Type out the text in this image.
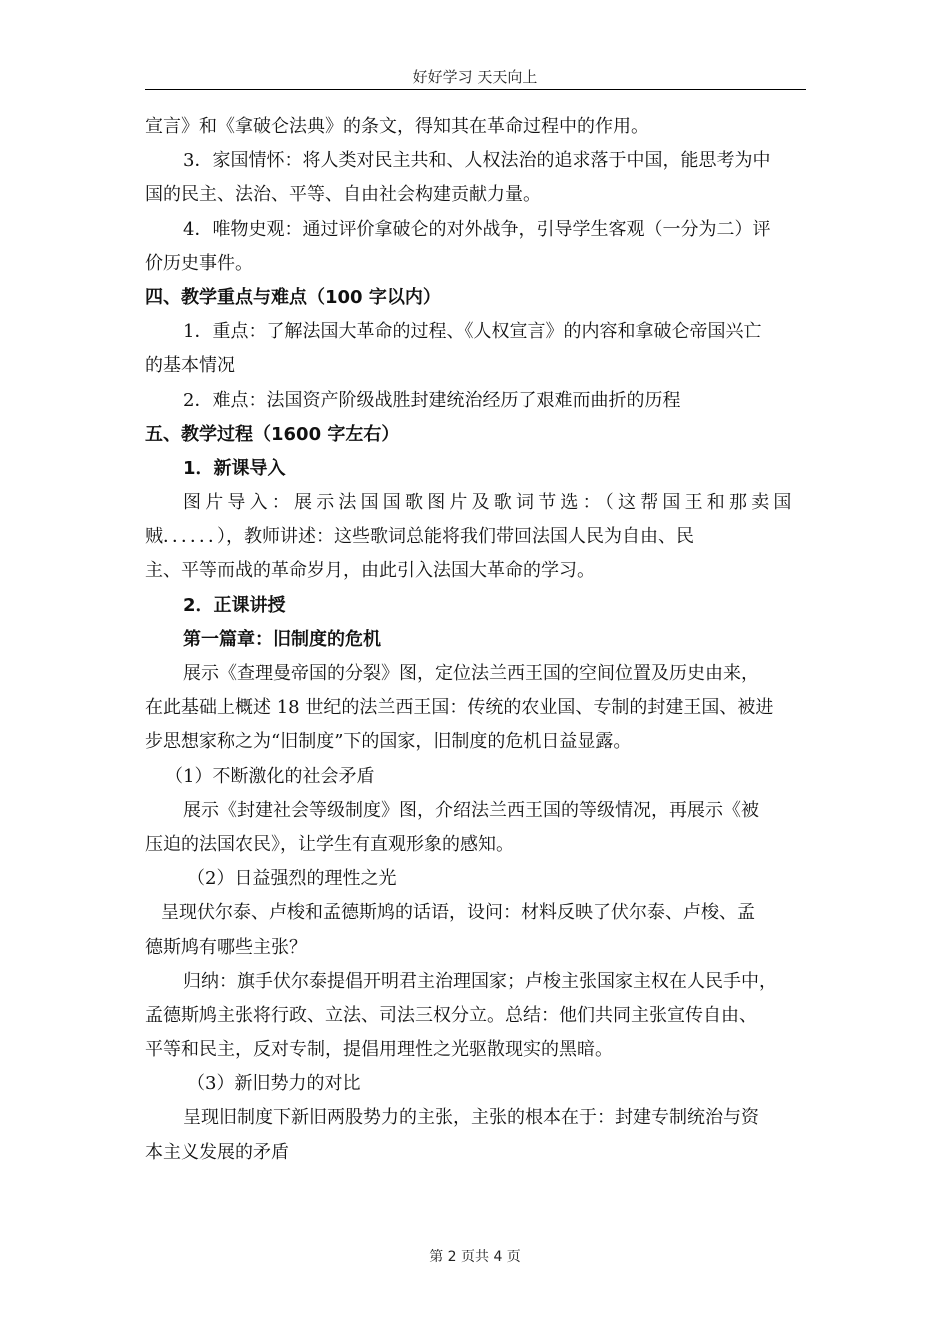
好好学习 天天向上
宣言》和《拿破仑法典》的条文，得知其在革命过程中的作用。
3．家国情怀：将人类对民主共和、人权法治的追求落于中国，能思考为中
国的民主、法治、平等、自由社会构建贡献力量。
4．唯物史观：通过评价拿破仑的对外战争，引导学生客观（一分为二）评
价历史事件。
四、教学重点与难点（100 字以内）
1．重点：了解法国大革命的过程、《人权宣言》的内容和拿破仑帝国兴亡
的基本情况
2．难点：法国资产阶级战胜封建统治经历了艰难而曲折的历程
五、教学过程（1600 字左右）
1．新课导入
图片导入：展示法国国歌图片及歌词节选：（这帮国王和那卖国
贼．．．．．．），教师讲述：这些歌词总能将我们带回法国人民为自由、民
主、平等而战的革命岁月，由此引入法国大革命的学习。
2．正课讲授
第一篇章：旧制度的危机
展示《查理曼帝国的分裂》图，定位法兰西王国的空间位置及历史由来，
在此基础上概述 18 世纪的法兰西王国：传统的农业国、专制的封建王国、被进
步思想家称之为“旧制度”下的国家，旧制度的危机日益显露。
（1）不断激化的社会矛盾
展示《封建社会等级制度》图，介绍法兰西王国的等级情况，再展示《被
压迫的法国农民》，让学生有直观形象的感知。
（2）日益强烈的理性之光
呈现伏尔泰、卢梭和孟德斯鸠的话语，设问：材料反映了伏尔泰、卢梭、孟
德斯鸠有哪些主张？
归纳：旗手伏尔泰提倡开明君主治理国家；卢梭主张国家主权在人民手中，
孟德斯鸠主张将行政、立法、司法三权分立。总结：他们共同主张宣传自由、
平等和民主，反对专制，提倡用理性之光驱散现实的黑暗。
（3）新旧势力的对比
呈现旧制度下新旧两股势力的主张，主张的根本在于：封建专制统治与资
本主义发展的矛盾
第 2 页共 4 页
